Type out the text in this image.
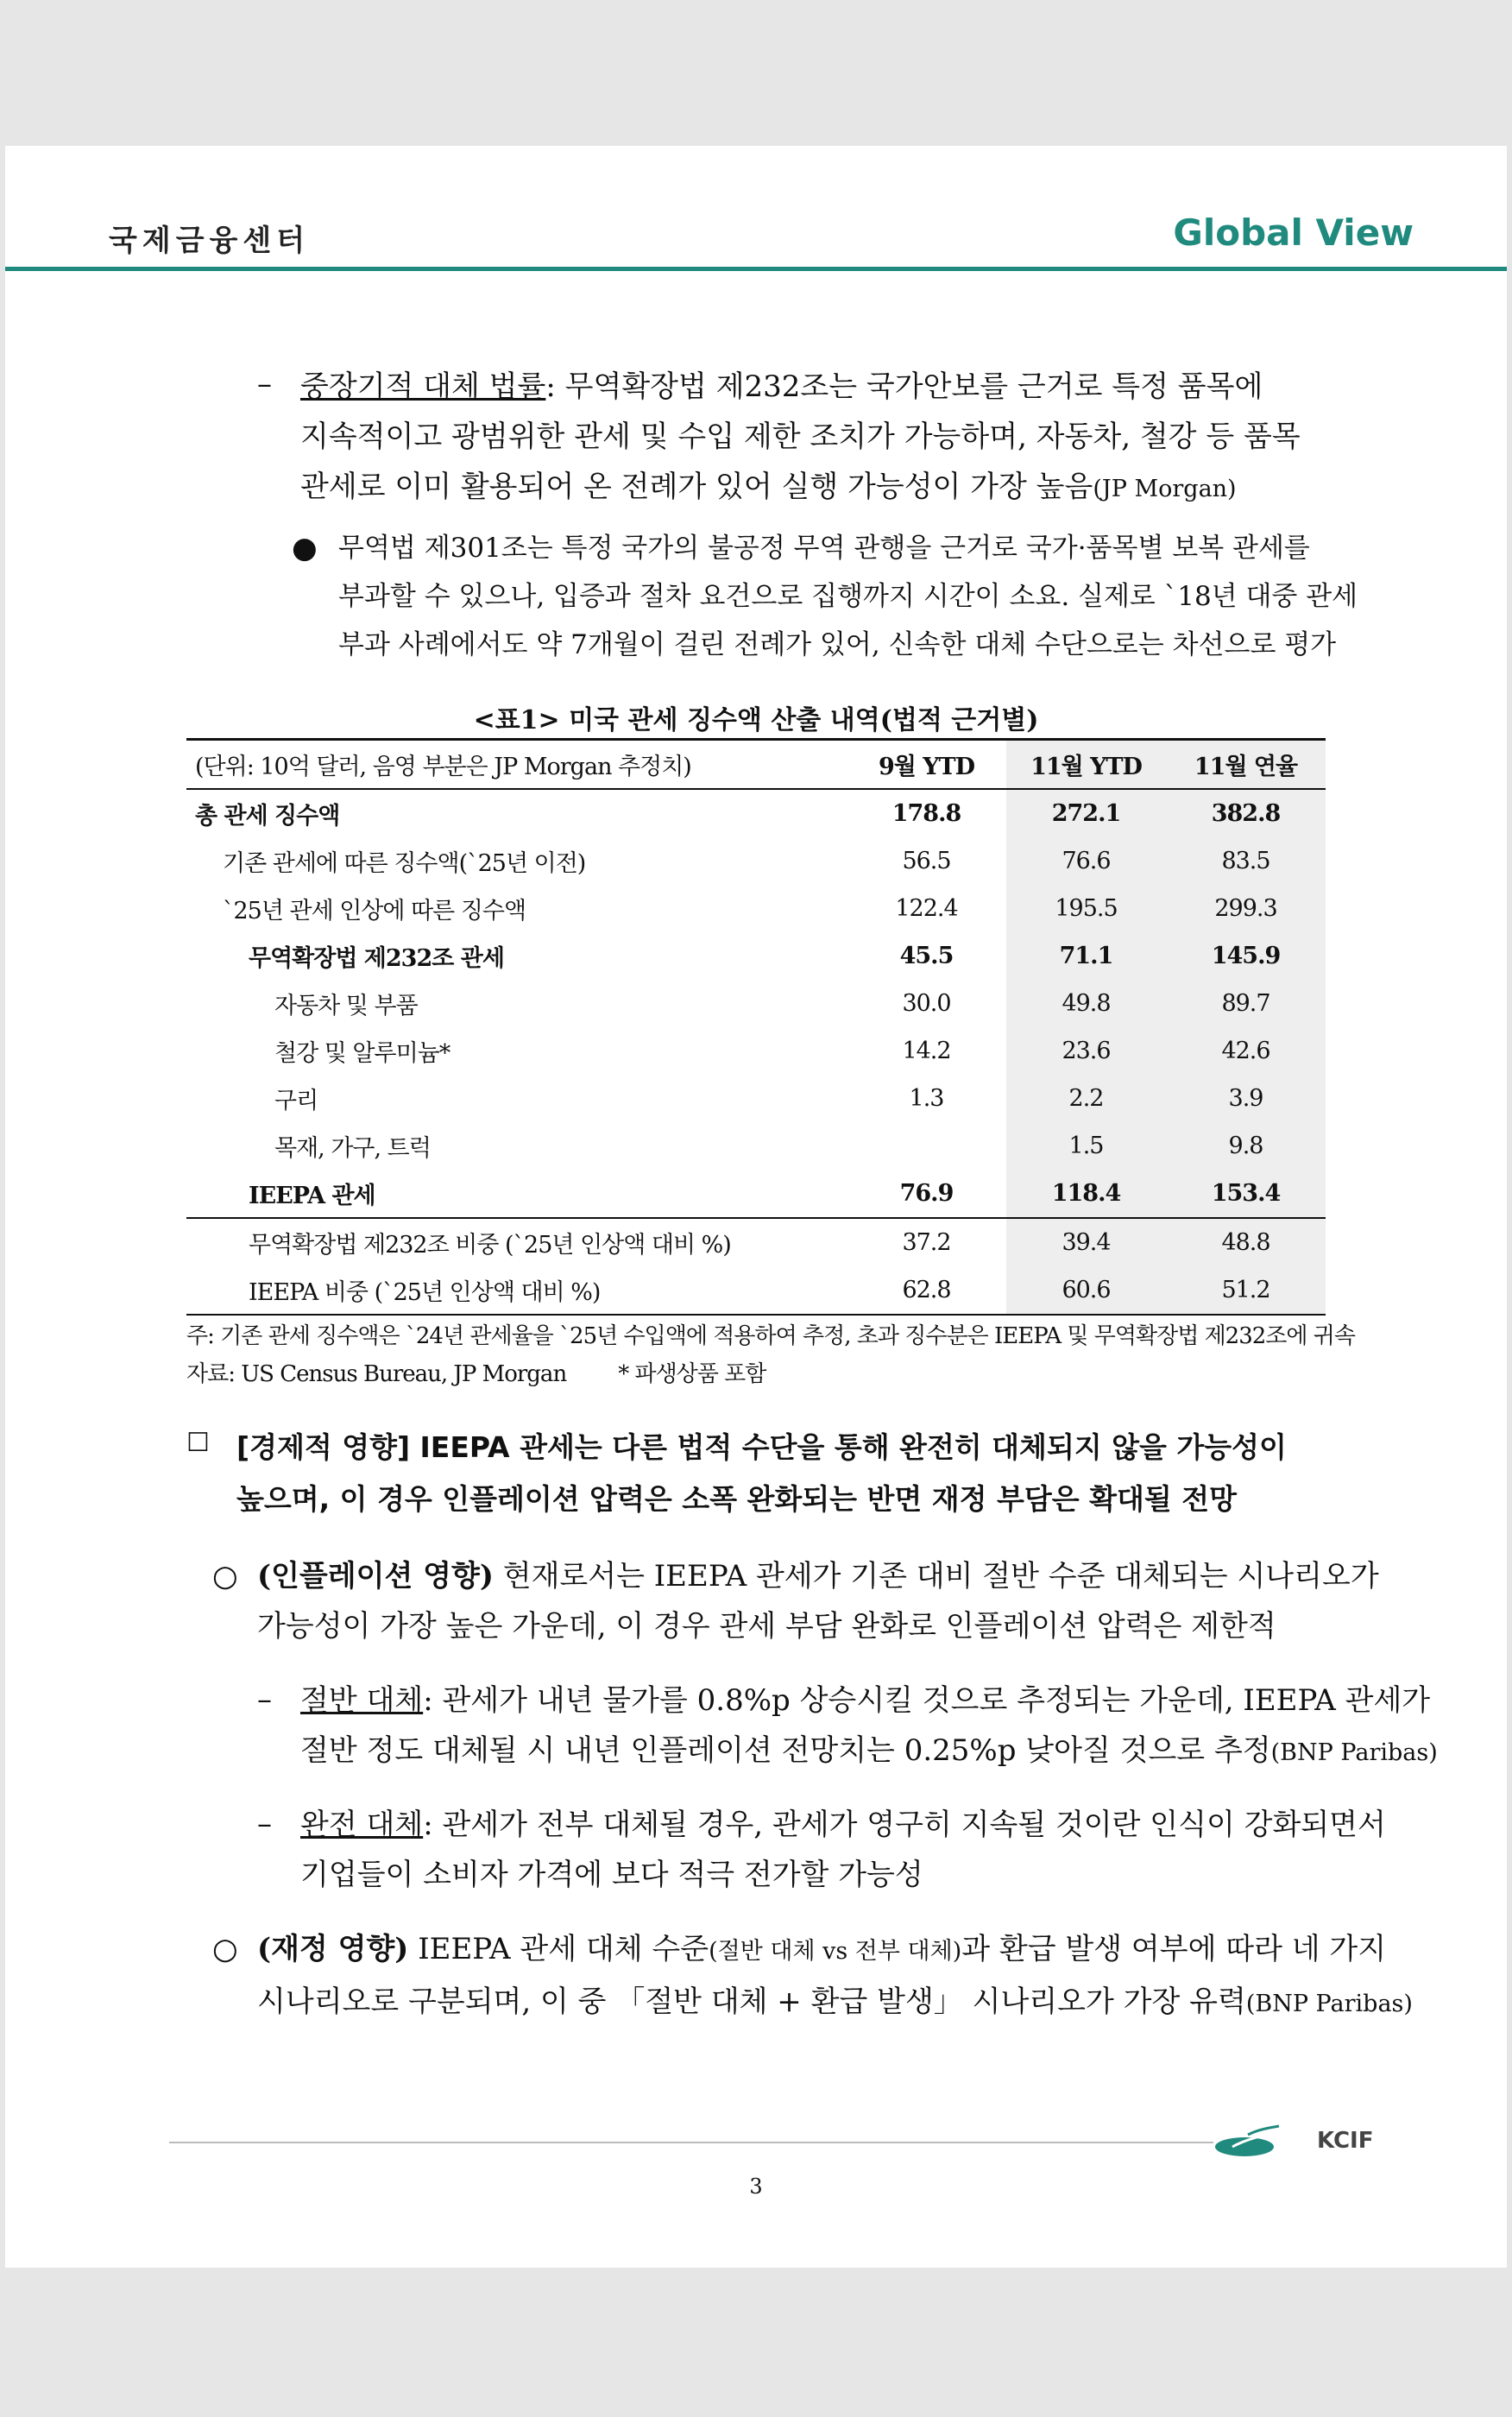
국제금융센터	Global View
– 중장기적 대체 법률: 무역확장법 제232조는 국가안보를 근거로 특정 품목에

지속적이고 광범위한 관세 및 수입 제한 조치가 가능하며, 자동차, 철강 등 품목

관세로 이미 활용되어 온 전례가 있어 실행 가능성이 가장 높음(JP Morgan)

● 무역법 제301조는 특정 국가의 불공정 무역 관행을 근거로 국가·품목별 보복 관세를

부과할 수 있으나, 입증과 절차 요건으로 집행까지 시간이 소요. 실제로 `18년 대중 관세

부과 사례에서도 약 7개월이 걸린 전례가 있어, 신속한 대체 수단으로는 차선으로 평가

<표1> 미국 관세 징수액 산출 내역(법적 근거별)
(단위: 10억 달러, 음영 부분은 JP Morgan 추정치)	9월 YTD	11월 YTD	11월 연율
총 관세 징수액	178.8	272.1	382.8
기존 관세에 따른 징수액(`25년 이전)	56.5	76.6	83.5
`25년 관세 인상에 따른 징수액	122.4	195.5	299.3
무역확장법 제232조 관세	45.5	71.1	145.9
자동차 및 부품	30.0	49.8	89.7
철강 및 알루미늄*	14.2	23.6	42.6
구리	1.3	2.2	3.9
목재, 가구, 트럭		1.5	9.8
IEEPA 관세	76.9	118.4	153.4
무역확장법 제232조 비중 (`25년 인상액 대비 %)	37.2	39.4	48.8
IEEPA 비중 (`25년 인상액 대비 %)	62.8	60.6	51.2
주: 기존 관세 징수액은 `24년 관세율을 `25년 수입액에 적용하여 추정, 초과 징수분은 IEEPA 및 무역확장법 제232조에 귀속
자료: US Census Bureau, JP Morgan * 파생상품 포함
☐ [경제적 영향] IEEPA 관세는 다른 법적 수단을 통해 완전히 대체되지 않을 가능성이

높으며, 이 경우 인플레이션 압력은 소폭 완화되는 반면 재정 부담은 확대될 전망

○ (인플레이션 영향) 현재로서는 IEEPA 관세가 기존 대비 절반 수준 대체되는 시나리오가

가능성이 가장 높은 가운데, 이 경우 관세 부담 완화로 인플레이션 압력은 제한적

– 절반 대체: 관세가 내년 물가를 0.8%p 상승시킬 것으로 추정되는 가운데, IEEPA 관세가

절반 정도 대체될 시 내년 인플레이션 전망치는 0.25%p 낮아질 것으로 추정(BNP Paribas)

– 완전 대체: 관세가 전부 대체될 경우, 관세가 영구히 지속될 것이란 인식이 강화되면서

기업들이 소비자 가격에 보다 적극 전가할 가능성

○ (재정 영향) IEEPA 관세 대체 수준(절반 대체 vs 전부 대체)과 환급 발생 여부에 따라 네 가지

시나리오로 구분되며, 이 중 「절반 대체 + 환급 발생」 시나리오가 가장 유력(BNP Paribas)

KCIF
3
